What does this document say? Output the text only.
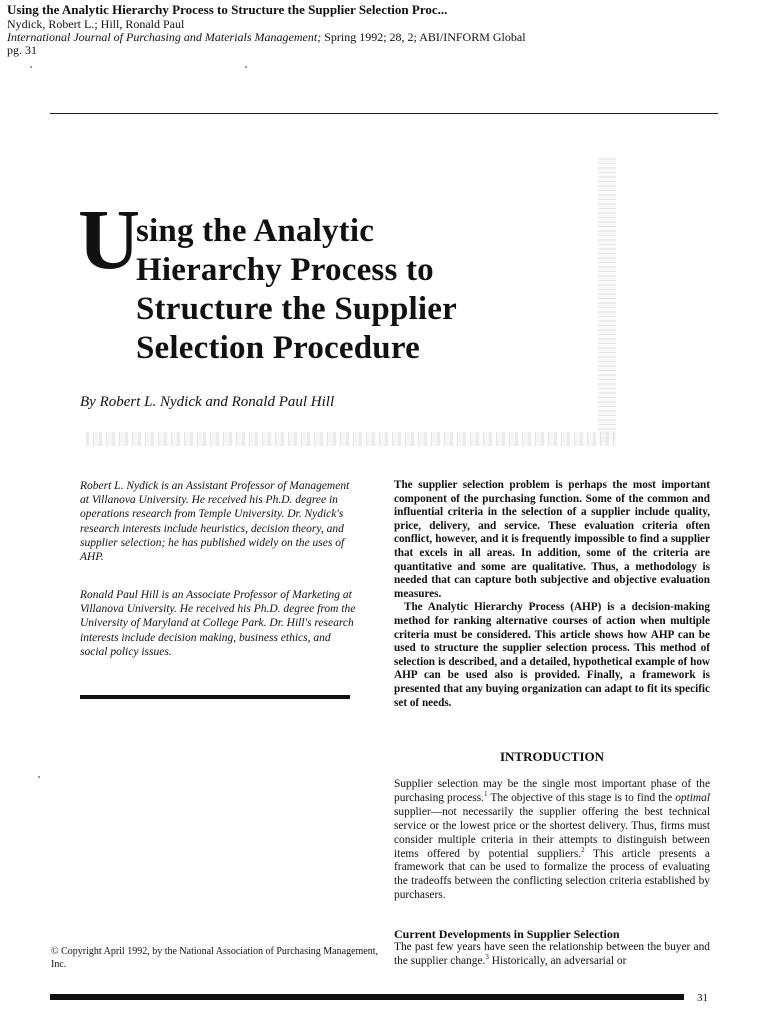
Using the Analytic Hierarchy Process to Structure the Supplier Selection Proc...
Nydick, Robert L.; Hill, Ronald Paul
International Journal of Purchasing and Materials Management; Spring 1992; 28, 2; ABI/INFORM Global
pg. 31
U
sing the Analytic
Hierarchy Process to
Structure the Supplier
Selection Procedure
By Robert L. Nydick and Ronald Paul Hill
Robert L. Nydick is an Assistant Professor of Management at Villanova University. He received his Ph.D. degree in operations research from Temple University. Dr. Nydick's research interests include heuristics, decision theory, and supplier selection; he has published widely on the uses of AHP.
Ronald Paul Hill is an Associate Professor of Marketing at Villanova University. He received his Ph.D. degree from the University of Maryland at College Park. Dr. Hill's research interests include decision making, business ethics, and social policy issues.
© Copyright April 1992, by the National Association of Purchasing Management, Inc.

The supplier selection problem is perhaps the most important component of the purchasing function. Some of the common and influential criteria in the selection of a supplier include quality, price, delivery, and service. These evaluation criteria often conflict, however, and it is frequently impossible to find a supplier that excels in all areas. In addition, some of the criteria are quantitative and some are qualitative. Thus, a methodology is needed that can capture both subjective and objective evaluation measures.

The Analytic Hierarchy Process (AHP) is a decision-making method for ranking alternative courses of action when multiple criteria must be considered. This article shows how AHP can be used to structure the supplier selection process. This method of selection is described, and a detailed, hypothetical example of how AHP can be used also is provided. Finally, a framework is presented that any buying organization can adapt to fit its specific set of needs.

INTRODUCTION

Supplier selection may be the single most important phase of the purchasing process.$^1$ The objective of this stage is to find the optimal supplier—not necessarily the supplier offering the best technical service or the lowest price or the shortest delivery. Thus, firms must consider multiple criteria in their attempts to distinguish between items offered by potential suppliers.$^2$ This article presents a framework that can be used to formalize the process of evaluating the tradeoffs between the conflicting selection criteria established by purchasers.

Current Developments in Supplier Selection
The past few years have seen the relationship between the buyer and the supplier change.$^3$ Historically, an adversarial or
31
